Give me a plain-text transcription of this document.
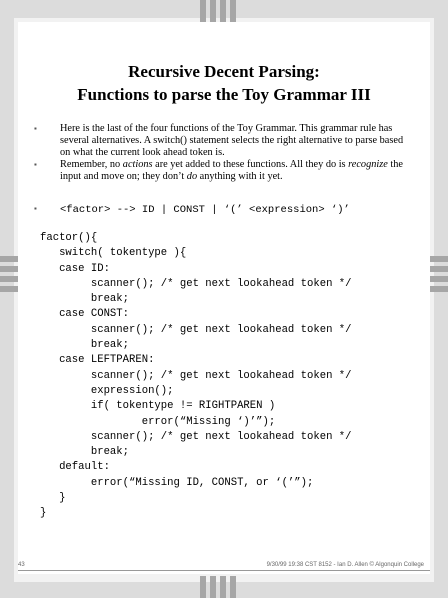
Recursive Decent Parsing:
Functions to parse the Toy Grammar III
▪ Here is the last of the four functions of the Toy Grammar. This grammar rule has several alternatives. A switch() statement selects the right alternative to parse based on what the current look ahead token is.
▪ Remember, no actions are yet added to these functions. All they do is recognize the input and move on; they don’t do anything with it yet.
▪ <factor> --> ID | CONST | ‘(’ <expression> ‘)’
factor(){
switch( tokentype ){
case ID:
scanner(); /* get next lookahead token */
break;
case CONST:
scanner(); /* get next lookahead token */
break;
case LEFTPAREN:
scanner(); /* get next lookahead token */
expression();
if( tokentype != RIGHTPAREN )
error(“Missing ‘)’”);
scanner(); /* get next lookahead token */
break;
default:
error(“Missing ID, CONST, or ‘(’”);
}
}
43	9/30/99 19:38 CST 8152 - Ian D. Allen © Algonquin College
